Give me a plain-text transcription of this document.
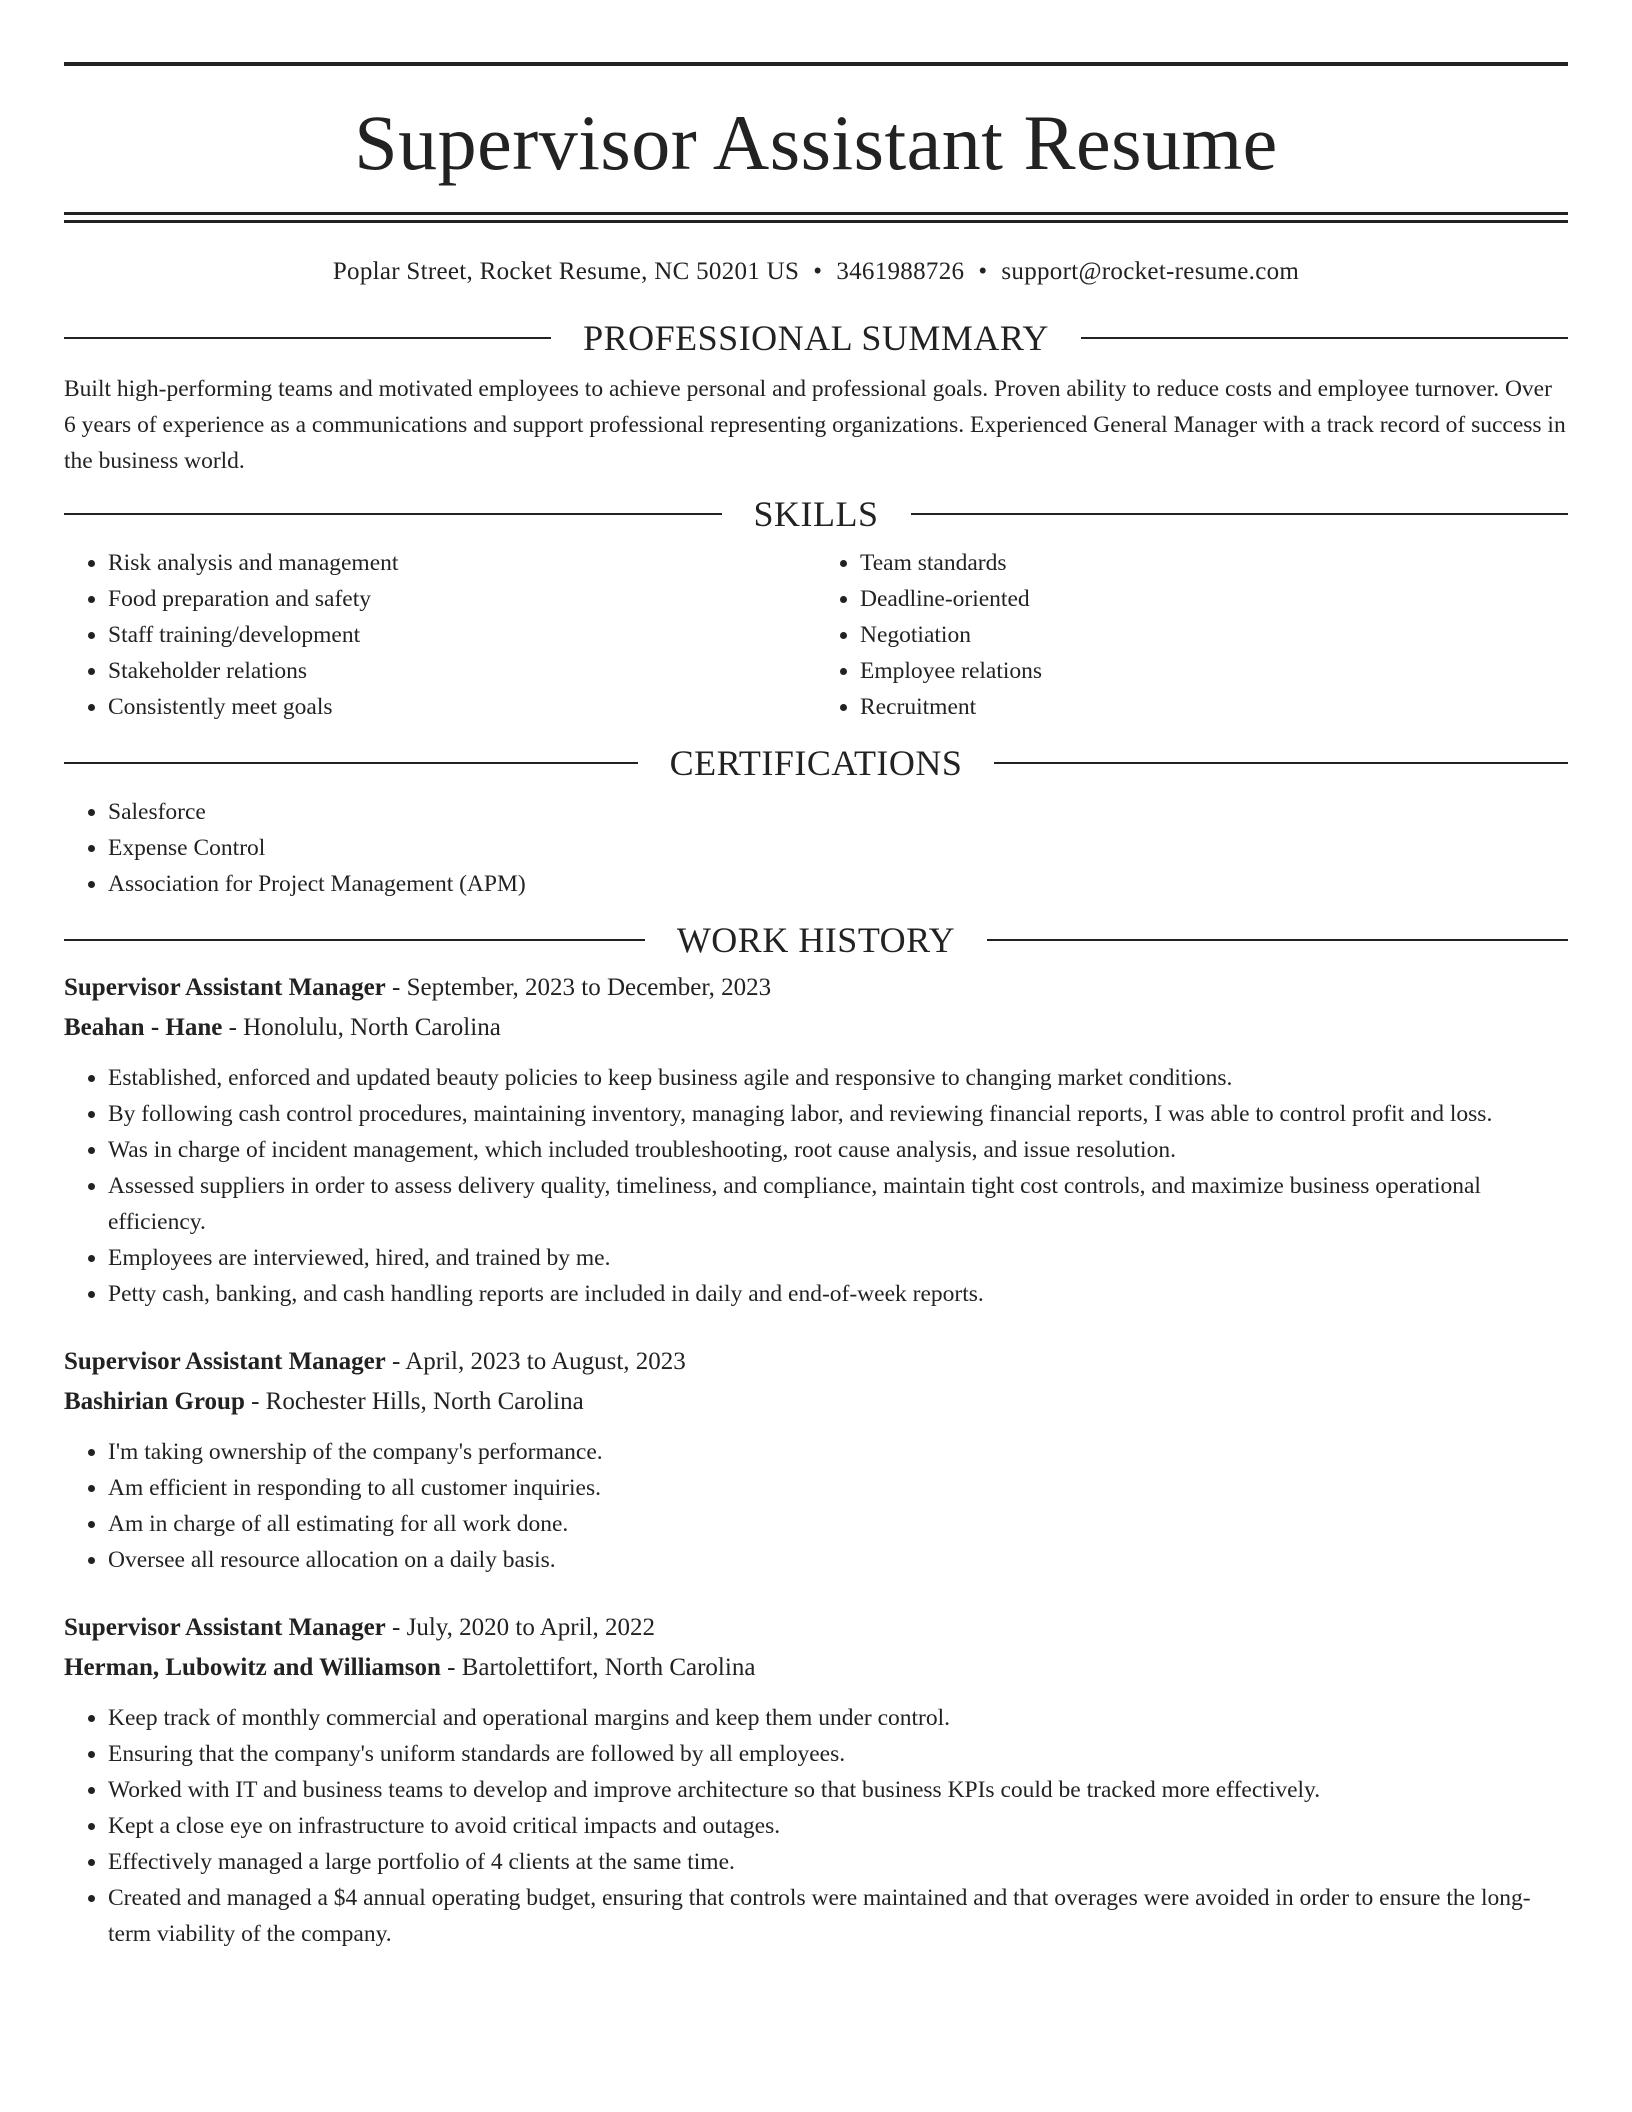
Supervisor Assistant Resume
Poplar Street, Rocket Resume, NC 50201 US • 3461988726 • support@rocket-resume.com
PROFESSIONAL SUMMARY

Built high-performing teams and motivated employees to achieve personal and professional goals. Proven ability to reduce costs and employee turnover. Over 6 years of experience as a communications and support professional representing organizations. Experienced General Manager with a track record of success in the business world.

SKILLS
• Risk analysis and management
• Food preparation and safety
• Staff training/development
• Stakeholder relations
• Consistently meet goals
• Team standards
• Deadline-oriented
• Negotiation
• Employee relations
• Recruitment
CERTIFICATIONS
• Salesforce
• Expense Control
• Association for Project Management (APM)
WORK HISTORY
Supervisor Assistant Manager - September, 2023 to December, 2023
Beahan - Hane - Honolulu, North Carolina
• Established, enforced and updated beauty policies to keep business agile and responsive to changing market conditions.
• By following cash control procedures, maintaining inventory, managing labor, and reviewing financial reports, I was able to control profit and loss.
• Was in charge of incident management, which included troubleshooting, root cause analysis, and issue resolution.
• Assessed suppliers in order to assess delivery quality, timeliness, and compliance, maintain tight cost controls, and maximize business operational efficiency.
• Employees are interviewed, hired, and trained by me.
• Petty cash, banking, and cash handling reports are included in daily and end-of-week reports.
Supervisor Assistant Manager - April, 2023 to August, 2023
Bashirian Group - Rochester Hills, North Carolina
• I'm taking ownership of the company's performance.
• Am efficient in responding to all customer inquiries.
• Am in charge of all estimating for all work done.
• Oversee all resource allocation on a daily basis.
Supervisor Assistant Manager - July, 2020 to April, 2022
Herman, Lubowitz and Williamson - Bartolettifort, North Carolina
• Keep track of monthly commercial and operational margins and keep them under control.
• Ensuring that the company's uniform standards are followed by all employees.
• Worked with IT and business teams to develop and improve architecture so that business KPIs could be tracked more effectively.
• Kept a close eye on infrastructure to avoid critical impacts and outages.
• Effectively managed a large portfolio of 4 clients at the same time.
• Created and managed a $4 annual operating budget, ensuring that controls were maintained and that overages were avoided in order to ensure the long-term viability of the company.
